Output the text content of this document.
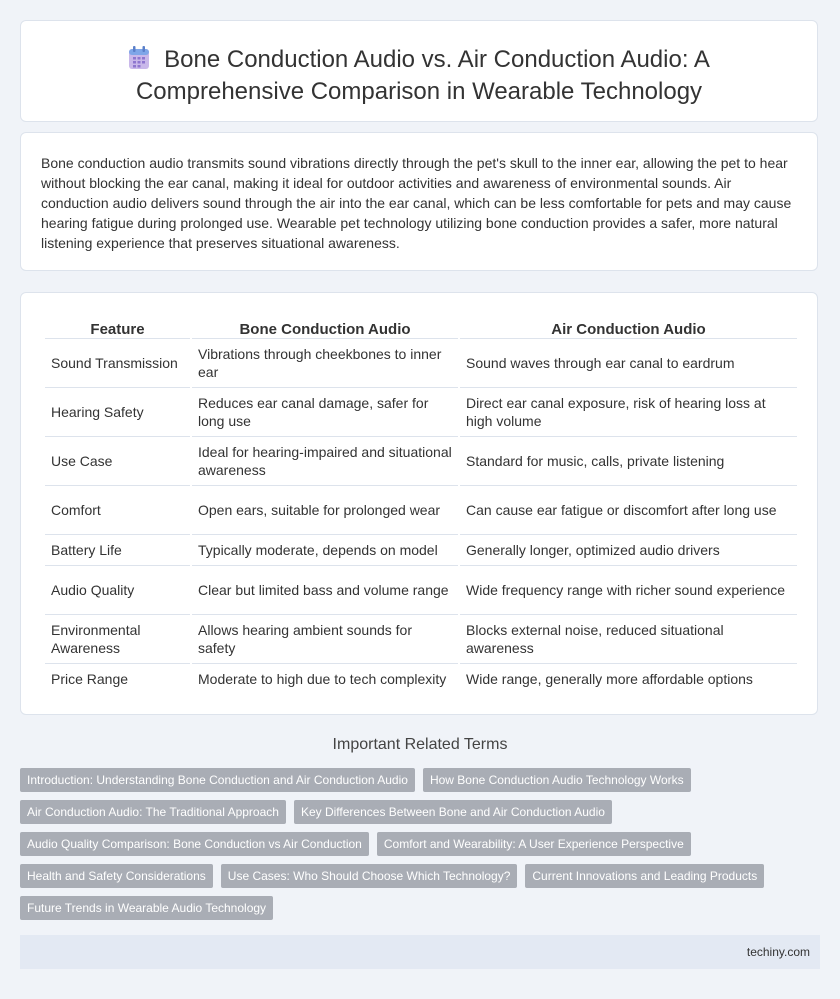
Bone Conduction Audio vs. Air Conduction Audio: A Comprehensive Comparison in Wearable Technology

Bone conduction audio transmits sound vibrations directly through the pet's skull to the inner ear, allowing the pet to hear without blocking the ear canal, making it ideal for outdoor activities and awareness of environmental sounds. Air conduction audio delivers sound through the air into the ear canal, which can be less comfortable for pets and may cause hearing fatigue during prolonged use. Wearable pet technology utilizing bone conduction provides a safer, more natural listening experience that preserves situational awareness.

Feature	Bone Conduction Audio	Air Conduction Audio
Sound Transmission	Vibrations through cheekbones to inner ear	Sound waves through ear canal to eardrum
Hearing Safety	Reduces ear canal damage, safer for long use	Direct ear canal exposure, risk of hearing loss at high volume
Use Case	Ideal for hearing-impaired and situational awareness	Standard for music, calls, private listening
Comfort	Open ears, suitable for prolonged wear	Can cause ear fatigue or discomfort after long use
Battery Life	Typically moderate, depends on model	Generally longer, optimized audio drivers
Audio Quality	Clear but limited bass and volume range	Wide frequency range with richer sound experience
Environmental Awareness	Allows hearing ambient sounds for safety	Blocks external noise, reduced situational awareness
Price Range	Moderate to high due to tech complexity	Wide range, generally more affordable options
Important Related Terms
Introduction: Understanding Bone Conduction and Air Conduction Audio	How Bone Conduction Audio Technology Works
Air Conduction Audio: The Traditional Approach	Key Differences Between Bone and Air Conduction Audio
Audio Quality Comparison: Bone Conduction vs Air Conduction	Comfort and Wearability: A User Experience Perspective
Health and Safety Considerations	Use Cases: Who Should Choose Which Technology?	Current Innovations and Leading Products
Future Trends in Wearable Audio Technology
techiny.com
